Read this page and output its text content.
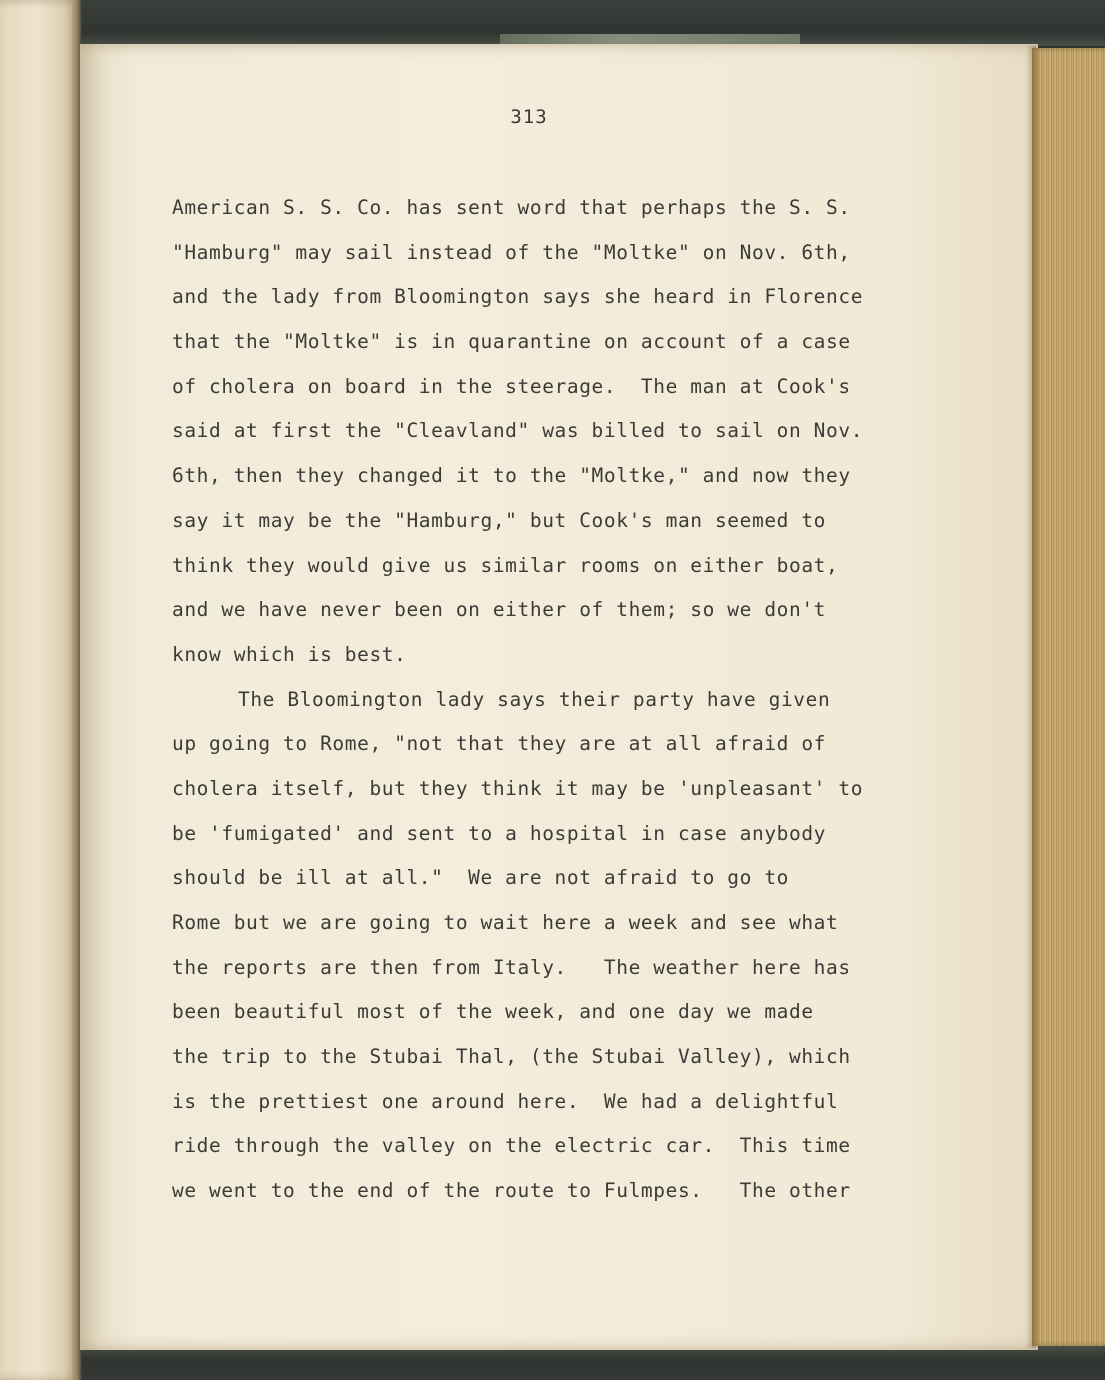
313
American S. S. Co. has sent word that perhaps the S. S.
"Hamburg" may sail instead of the "Moltke" on Nov. 6th,
and the lady from Bloomington says she heard in Florence
that the "Moltke" is in quarantine on account of a case
of cholera on board in the steerage.  The man at Cook's
said at first the "Cleavland" was billed to sail on Nov.
6th, then they changed it to the "Moltke," and now they
say it may be the "Hamburg," but Cook's man seemed to
think they would give us similar rooms on either boat,
and we have never been on either of them; so we don't
know which is best.
The Bloomington lady says their party have given
up going to Rome, "not that they are at all afraid of
cholera itself, but they think it may be 'unpleasant' to
be 'fumigated' and sent to a hospital in case anybody
should be ill at all."  We are not afraid to go to
Rome but we are going to wait here a week and see what
the reports are then from Italy.   The weather here has
been beautiful most of the week, and one day we made
the trip to the Stubai Thal, (the Stubai Valley), which
is the prettiest one around here.  We had a delightful
ride through the valley on the electric car.  This time
we went to the end of the route to Fulmpes.   The other
